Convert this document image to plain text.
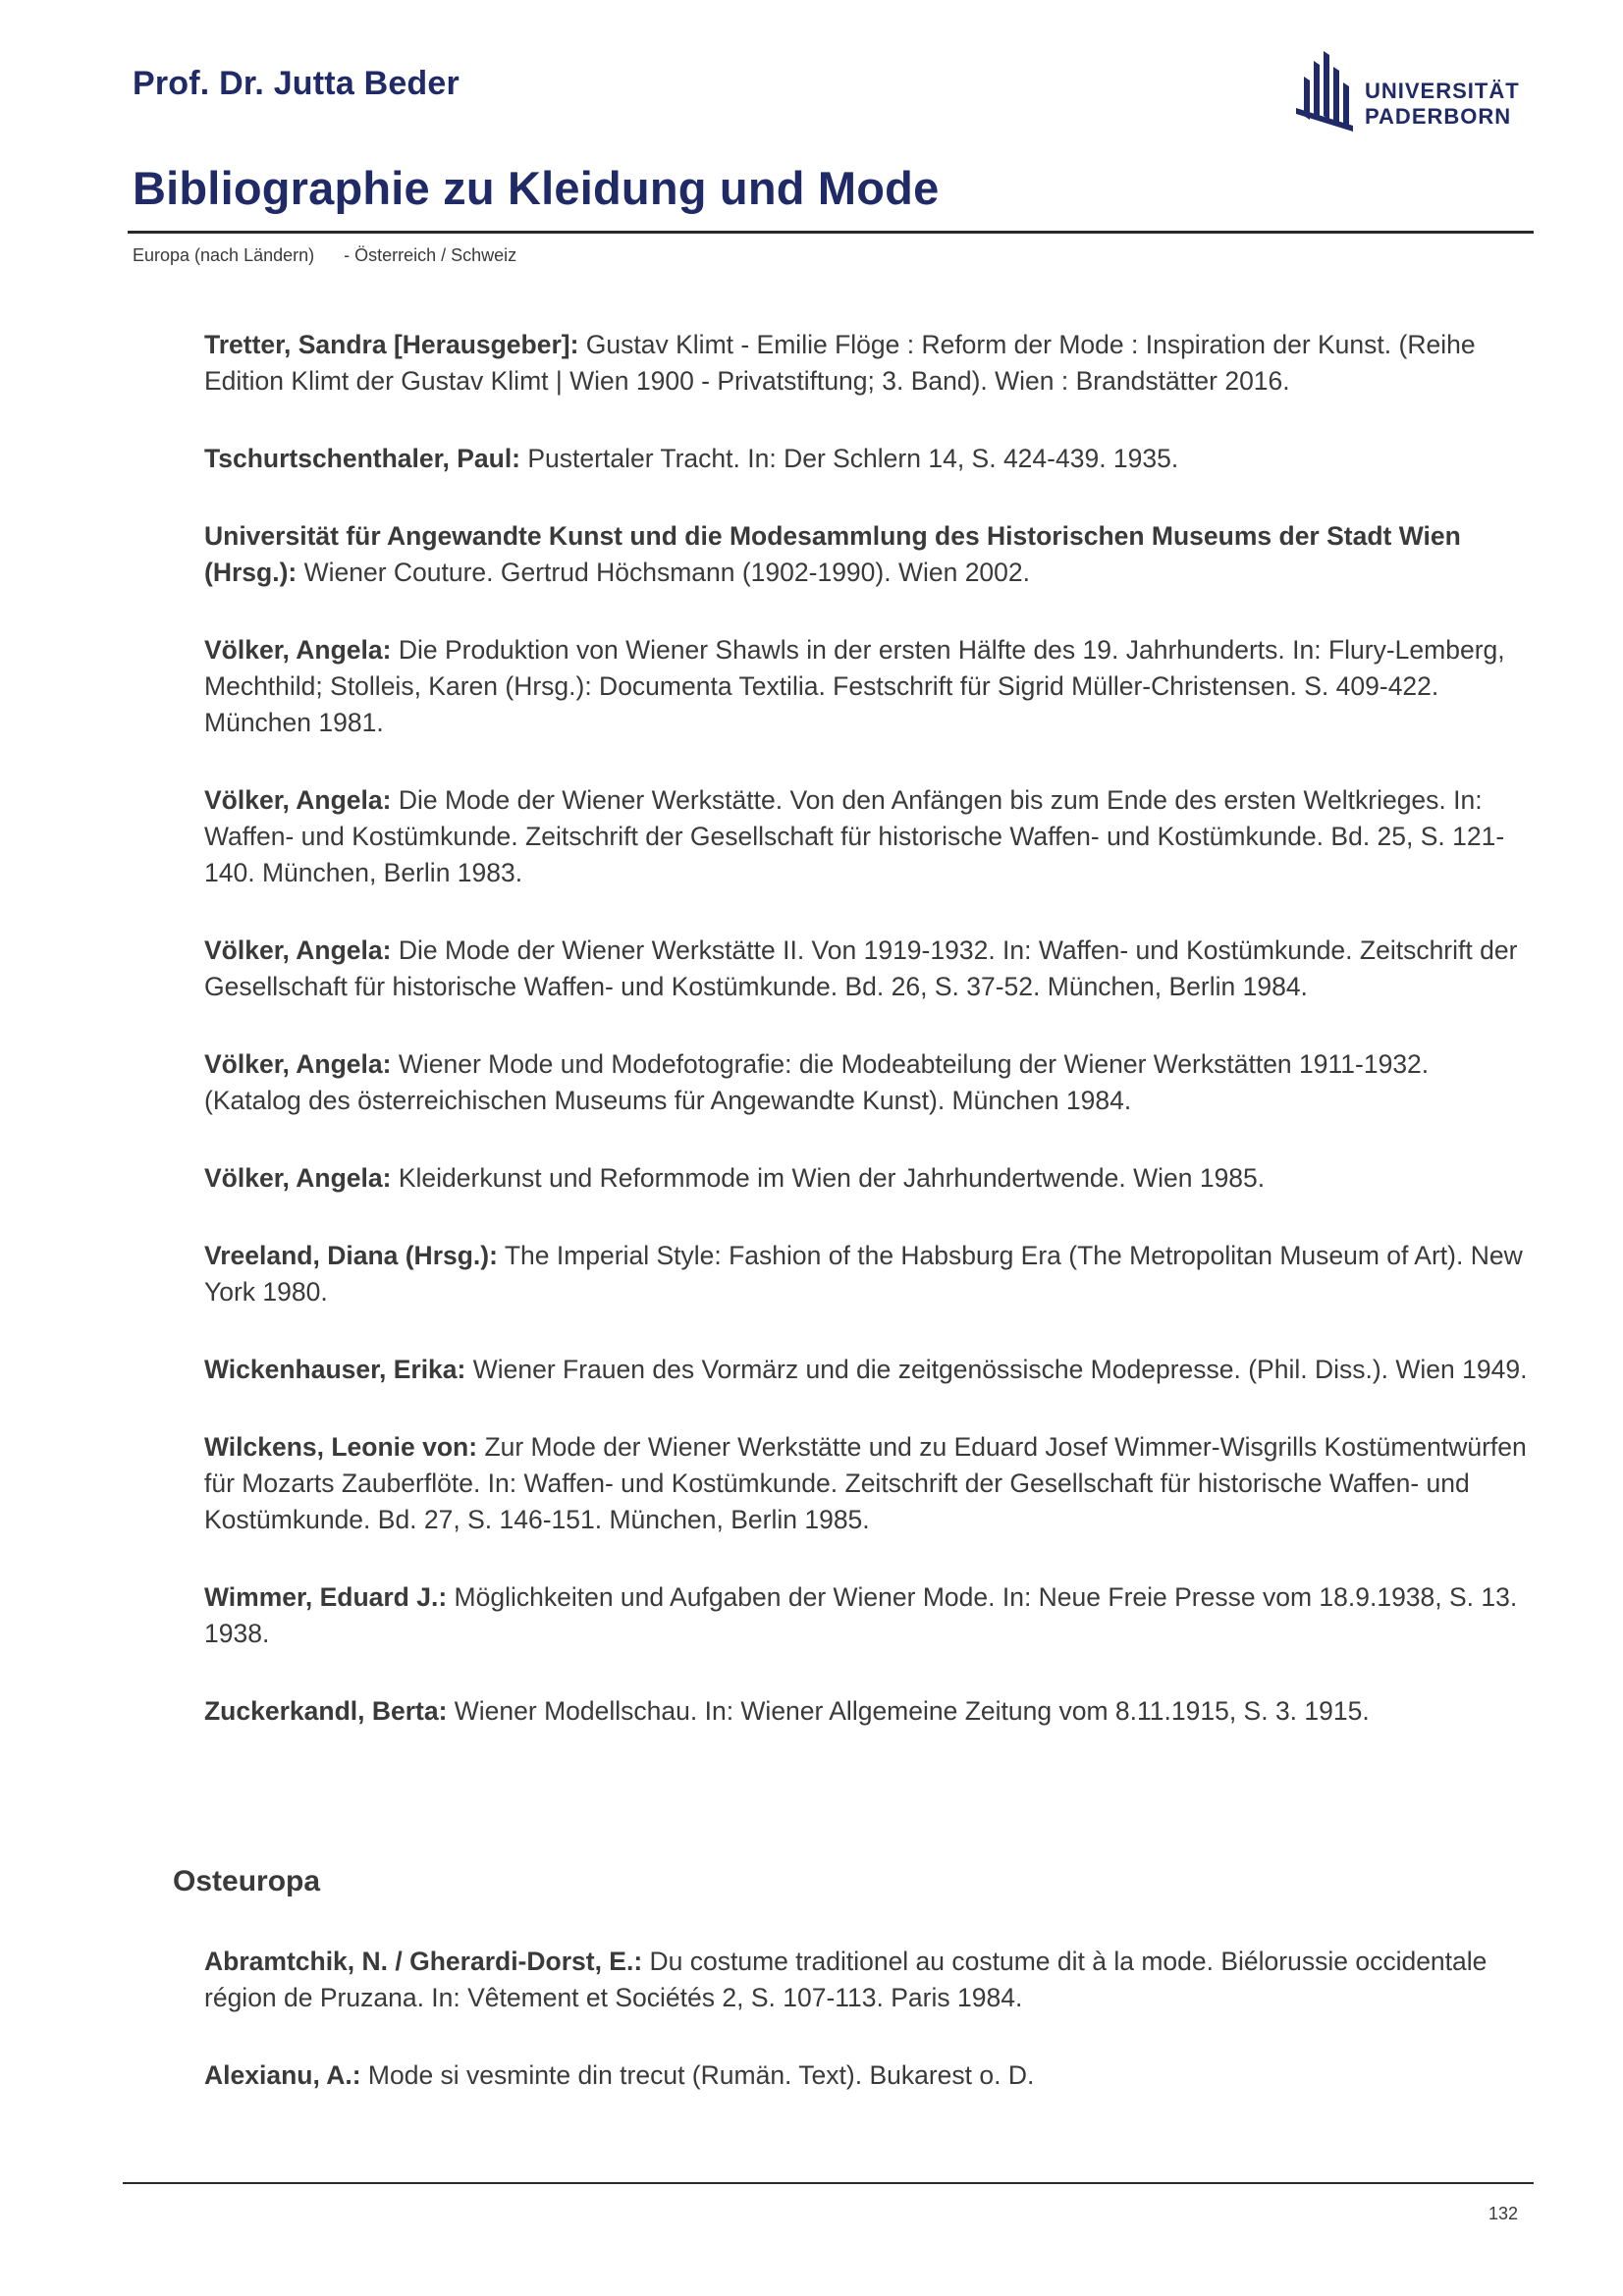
Prof. Dr. Jutta Beder	UNIVERSITÄT
PADERBORN
Bibliographie zu Kleidung und Mode
Europa (nach Ländern) - Österreich / Schweiz

Tretter, Sandra [Herausgeber]: Gustav Klimt - Emilie Flöge : Reform der Mode : Inspiration der Kunst. (Reihe Edition Klimt der Gustav Klimt | Wien 1900 - Privatstiftung; 3. Band). Wien : Brandstätter 2016.

Tschurtschenthaler, Paul: Pustertaler Tracht. In: Der Schlern 14, S. 424-439. 1935.

Universität für Angewandte Kunst und die Modesammlung des Historischen Museums der Stadt Wien (Hrsg.): Wiener Couture. Gertrud Höchsmann (1902-1990). Wien 2002.

Völker, Angela: Die Produktion von Wiener Shawls in der ersten Hälfte des 19. Jahrhunderts. In: Flury-Lemberg, Mechthild; Stolleis, Karen (Hrsg.): Documenta Textilia. Festschrift für Sigrid Müller-Christensen. S. 409-422. München 1981.

Völker, Angela: Die Mode der Wiener Werkstätte. Von den Anfängen bis zum Ende des ersten Weltkrieges. In: Waffen- und Kostümkunde. Zeitschrift der Gesellschaft für historische Waffen- und Kostümkunde. Bd. 25, S. 121-140. München, Berlin 1983.

Völker, Angela: Die Mode der Wiener Werkstätte II. Von 1919-1932. In: Waffen- und Kostümkunde. Zeitschrift der Gesellschaft für historische Waffen- und Kostümkunde. Bd. 26, S. 37-52. München, Berlin 1984.

Völker, Angela: Wiener Mode und Modefotografie: die Modeabteilung der Wiener Werkstätten 1911-1932. (Katalog des österreichischen Museums für Angewandte Kunst). München 1984.

Völker, Angela: Kleiderkunst und Reformmode im Wien der Jahrhundertwende. Wien 1985.

Vreeland, Diana (Hrsg.): The Imperial Style: Fashion of the Habsburg Era (The Metropolitan Museum of Art). New York 1980.

Wickenhauser, Erika: Wiener Frauen des Vormärz und die zeitgenössische Modepresse. (Phil. Diss.). Wien 1949.

Wilckens, Leonie von: Zur Mode der Wiener Werkstätte und zu Eduard Josef Wimmer-Wisgrills Kostümentwürfen für Mozarts Zauberflöte. In: Waffen- und Kostümkunde. Zeitschrift der Gesellschaft für historische Waffen- und Kostümkunde. Bd. 27, S. 146-151. München, Berlin 1985.

Wimmer, Eduard J.: Möglichkeiten und Aufgaben der Wiener Mode. In: Neue Freie Presse vom 18.9.1938, S. 13. 1938.

Zuckerkandl, Berta: Wiener Modellschau. In: Wiener Allgemeine Zeitung vom 8.11.1915, S. 3. 1915.

Osteuropa

Abramtchik, N. / Gherardi-Dorst, E.: Du costume traditionel au costume dit à la mode. Biélorussie occidentale région de Pruzana. In: Vêtement et Sociétés 2, S. 107-113. Paris 1984.

Alexianu, A.: Mode si vesminte din trecut (Rumän. Text). Bukarest o. D.

132
